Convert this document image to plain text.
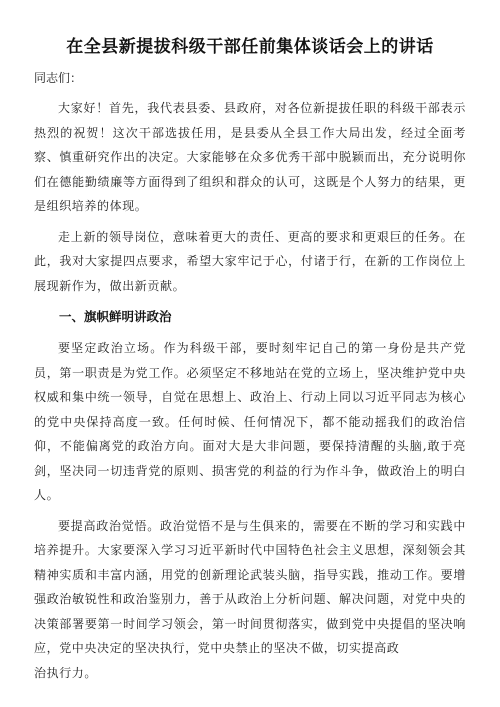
在全县新提拔科级干部任前集体谈话会上的讲话

同志们：

大家好！首先，我代表县委、县政府，对各位新提拔任职的科级干部表示热烈的祝贺！这次干部选拔任用，是县委从全县工作大局出发，经过全面考察、慎重研究作出的决定。大家能够在众多优秀干部中脱颖而出，充分说明你们在德能勤绩廉等方面得到了组织和群众的认可，这既是个人努力的结果，更是组织培养的体现。

走上新的领导岗位，意味着更大的责任、更高的要求和更艰巨的任务。在此，我对大家提四点要求，希望大家牢记于心，付诸于行，在新的工作岗位上展现新作为，做出新贡献。

一、旗帜鲜明讲政治

要坚定政治立场。作为科级干部，要时刻牢记自己的第一身份是共产党员，第一职责是为党工作。必须坚定不移地站在党的立场上，坚决维护党中央权威和集中统一领导，自觉在思想上、政治上、行动上同以习近平同志为核心的党中央保持高度一致。任何时候、任何情况下，都不能动摇我们的政治信仰，不能偏离党的政治方向。面对大是大非问题，要保持清醒的头脑,敢于亮剑，坚决同一切违背党的原则、损害党的利益的行为作斗争，做政治上的明白人。

要提高政治觉悟。政治觉悟不是与生俱来的，需要在不断的学习和实践中培养提升。大家要深入学习习近平新时代中国特色社会主义思想，深刻领会其精神实质和丰富内涵，用党的创新理论武装头脑，指导实践，推动工作。要增强政治敏锐性和政治鉴别力，善于从政治上分析问题、解决问题，对党中央的决策部署要第一时间学习领会，第一时间贯彻落实，做到党中央提倡的坚决响应，党中央决定的坚决执行，党中央禁止的坚决不做，切实提高政

治执行力。
